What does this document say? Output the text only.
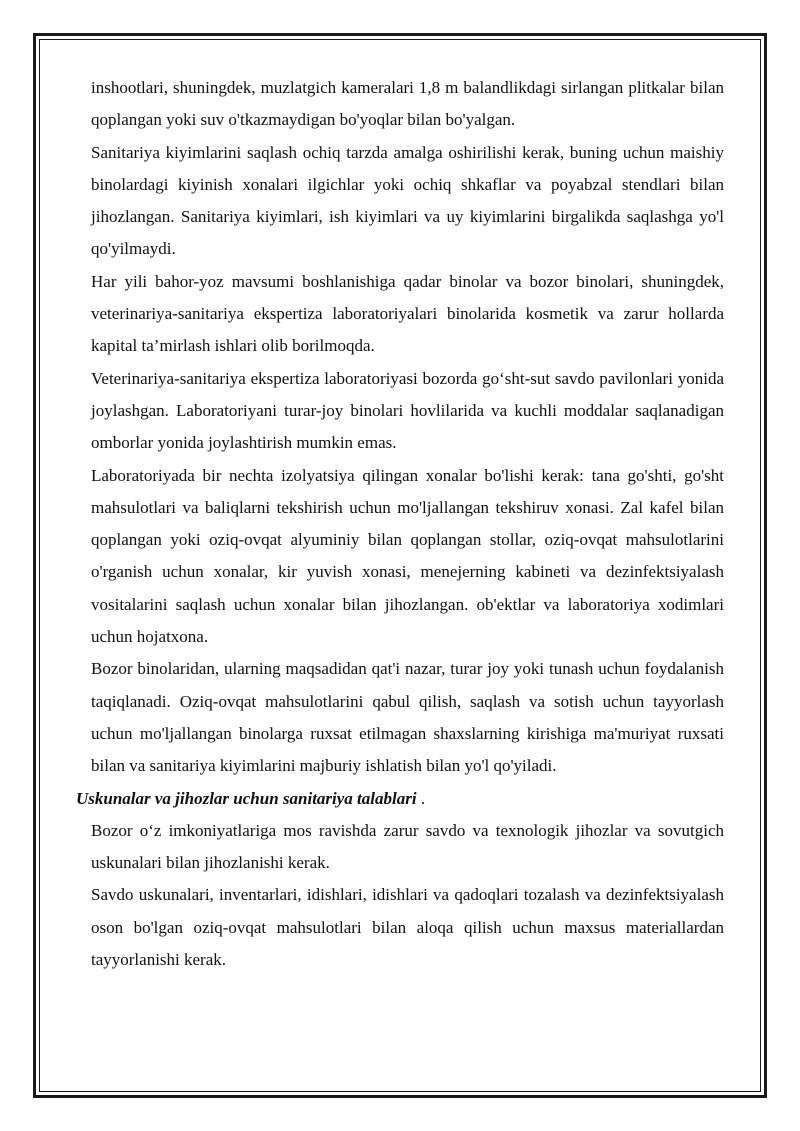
inshootlari, shuningdek, muzlatgich kameralari 1,8 m balandlikdagi sirlangan plitkalar bilan qoplangan yoki suv o'tkazmaydigan bo'yoqlar bilan bo'yalgan.

Sanitariya kiyimlarini saqlash ochiq tarzda amalga oshirilishi kerak, buning uchun maishiy binolardagi kiyinish xonalari ilgichlar yoki ochiq shkaflar va poyabzal stendlari bilan jihozlangan. Sanitariya kiyimlari, ish kiyimlari va uy kiyimlarini birgalikda saqlashga yo'l qo'yilmaydi.

Har yili bahor-yoz mavsumi boshlanishiga qadar binolar va bozor binolari, shuningdek, veterinariya-sanitariya ekspertiza laboratoriyalari binolarida kosmetik va zarur hollarda kapital ta’mirlash ishlari olib borilmoqda.

Veterinariya-sanitariya ekspertiza laboratoriyasi bozorda go‘sht-sut savdo pavilonlari yonida joylashgan. Laboratoriyani turar-joy binolari hovlilarida va kuchli moddalar saqlanadigan omborlar yonida joylashtirish mumkin emas.

Laboratoriyada bir nechta izolyatsiya qilingan xonalar bo'lishi kerak: tana go'shti, go'sht mahsulotlari va baliqlarni tekshirish uchun mo'ljallangan tekshiruv xonasi. Zal kafel bilan qoplangan yoki oziq-ovqat alyuminiy bilan qoplangan stollar, oziq-ovqat mahsulotlarini o'rganish uchun xonalar, kir yuvish xonasi, menejerning kabineti va dezinfektsiyalash vositalarini saqlash uchun xonalar bilan jihozlangan. ob'ektlar va laboratoriya xodimlari uchun hojatxona.

Bozor binolaridan, ularning maqsadidan qat'i nazar, turar joy yoki tunash uchun foydalanish taqiqlanadi. Oziq-ovqat mahsulotlarini qabul qilish, saqlash va sotish uchun tayyorlash uchun mo'ljallangan binolarga ruxsat etilmagan shaxslarning kirishiga ma'muriyat ruxsati bilan va sanitariya kiyimlarini majburiy ishlatish bilan yo'l qo'yiladi.

Uskunalar va jihozlar uchun sanitariya talablari .

Bozor o‘z imkoniyatlariga mos ravishda zarur savdo va texnologik jihozlar va sovutgich uskunalari bilan jihozlanishi kerak.

Savdo uskunalari, inventarlari, idishlari, idishlari va qadoqlari tozalash va dezinfektsiyalash oson bo'lgan oziq-ovqat mahsulotlari bilan aloqa qilish uchun maxsus materiallardan tayyorlanishi kerak.
